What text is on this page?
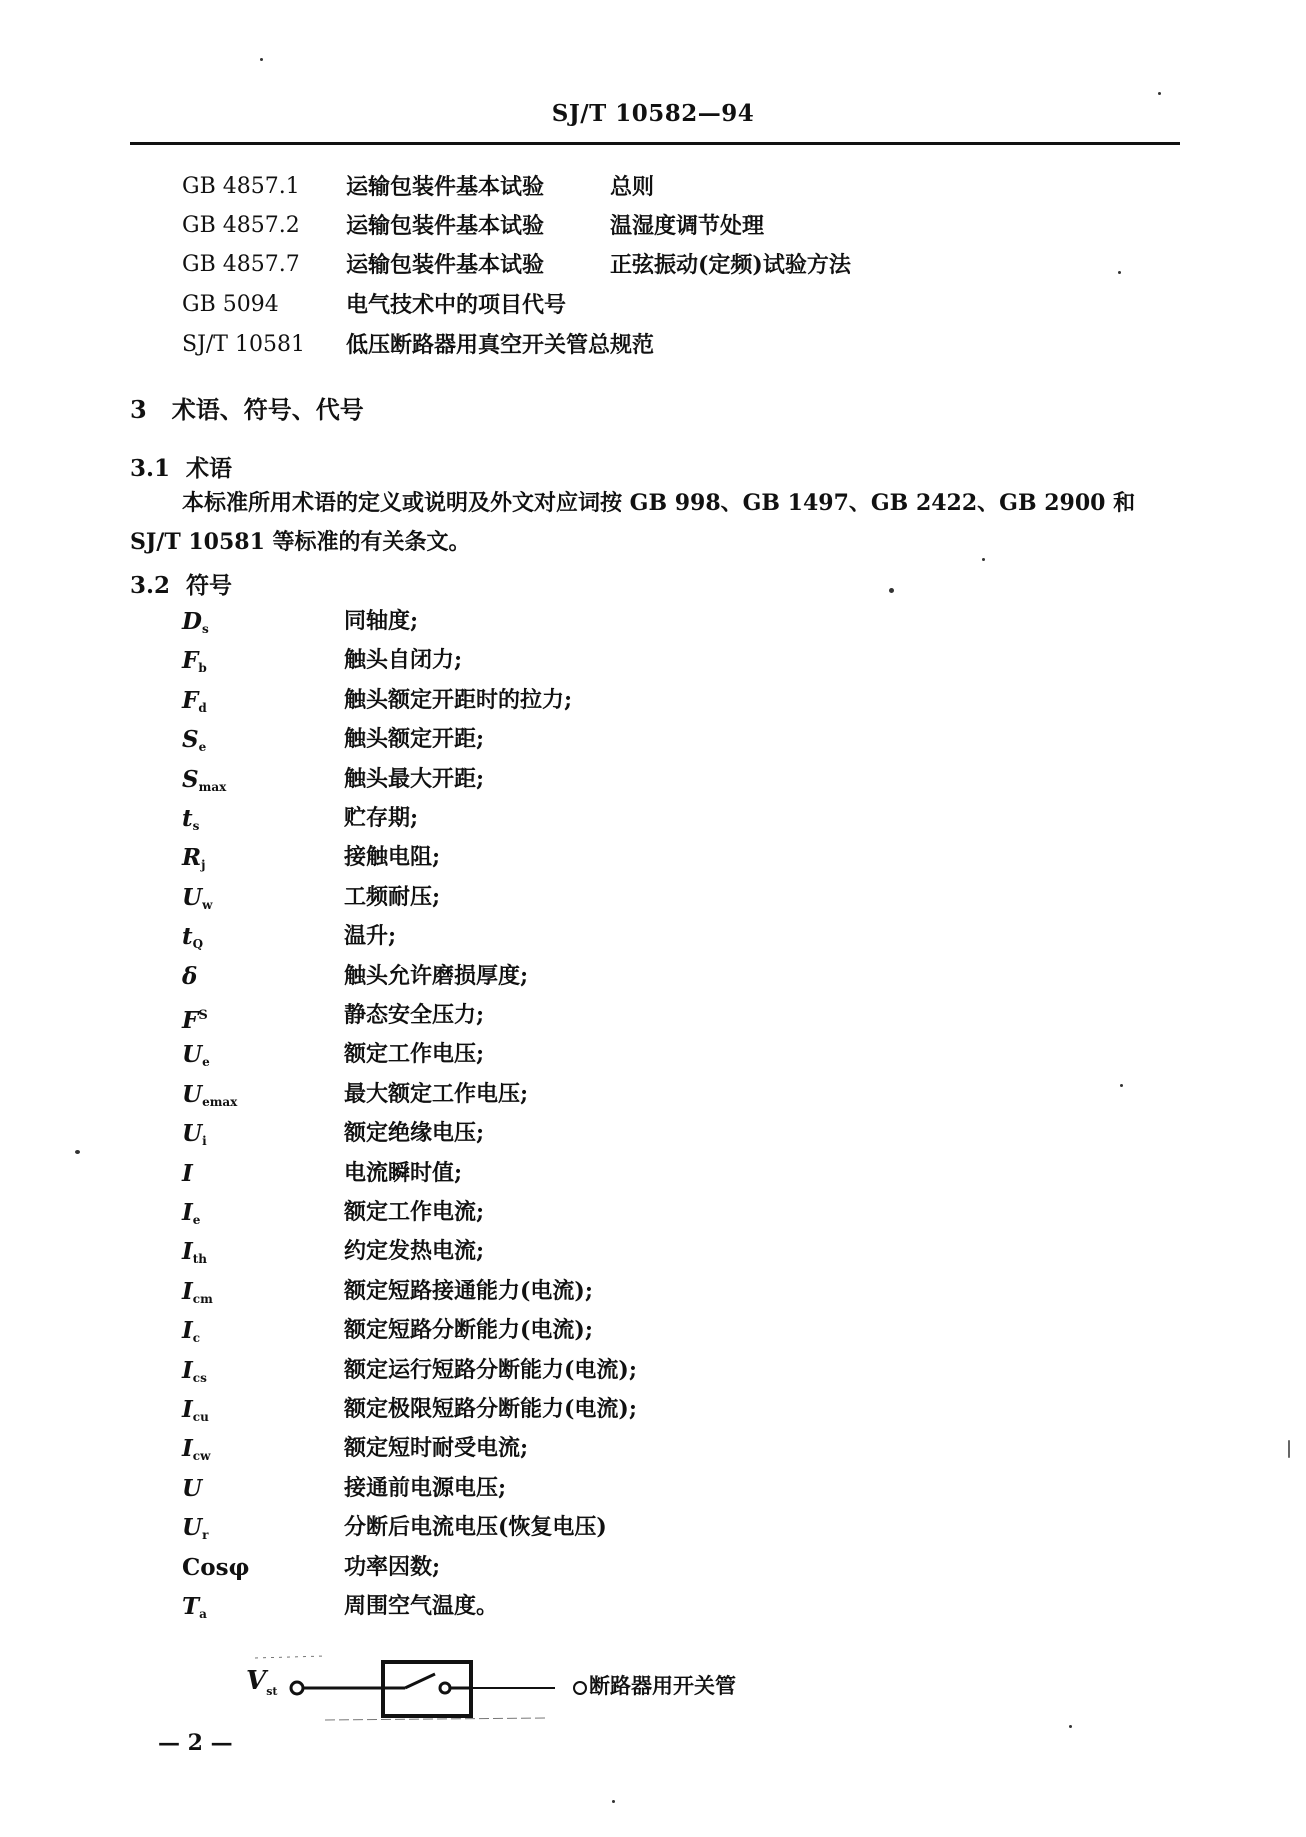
SJ/T 10582—94
GB 4857.1 运输包装件基本试验	总则
GB 4857.2 运输包装件基本试验	温湿度调节处理
GB 4857.7 运输包装件基本试验	正弦振动(定频)试验方法
GB 5094	电气技术中的项目代号
SJ/T 10581 低压断路器用真空开关管总规范
3 术语、符号、代号
3.1 术语
本标准所用术语的定义或说明及外文对应词按 GB 998、GB 1497、GB 2422、GB 2900 和
SJ/T 10581 等标准的有关条文。
3.2 符号
$D_s$	同轴度;
$F_b$	触头自闭力;
$F_d$	触头额定开距时的拉力;
$S_e$	触头额定开距;
$S_{max}$	触头最大开距;
$t_s$	贮存期;
$R_j$	接触电阻;
$U_w$	工频耐压;
$t_Q$	温升;
δ	触头允许磨损厚度;
$F^S$	静态安全压力;
$U_e$	额定工作电压;
$U_{emax}$	最大额定工作电压;
$U_i$	额定绝缘电压;
I	电流瞬时值;
$I_e$	额定工作电流;
$I_{th}$	约定发热电流;
$I_{cm}$	额定短路接通能力(电流);
$I_c$	额定短路分断能力(电流);
$I_{cs}$	额定运行短路分断能力(电流);
$I_{cu}$	额定极限短路分断能力(电流);
$I_{cw}$	额定短时耐受电流;
U	接通前电源电压;
$U_r$	分断后电流电压(恢复电压)
Cosφ	功率因数;
$T_a$	周围空气温度。
$V_{st}$	断路器用开关管
— 2 —
